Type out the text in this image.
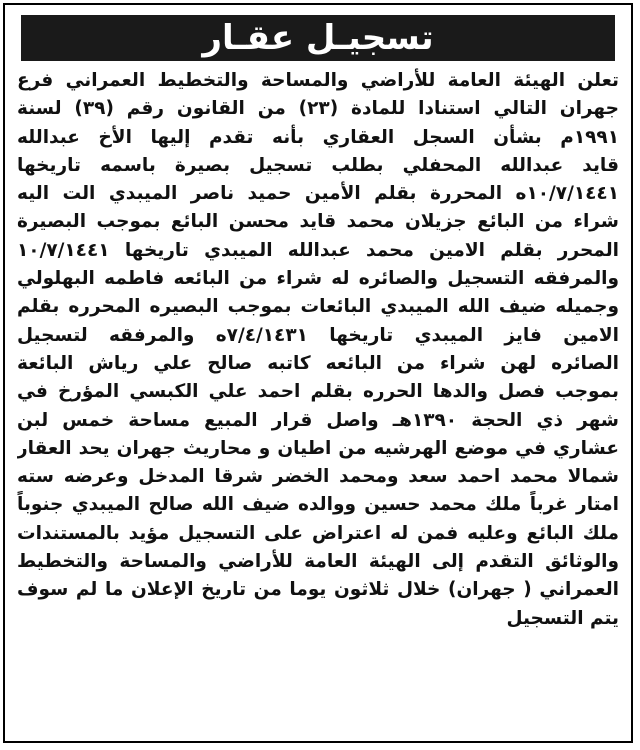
تسجيـل عقـار
تعلن الهيئة العامة للأراضي والمساحة والتخطيط العمراني فرع
جهران التالي استنادا للمادة (٢٣) من القانون رقم (٣٩) لسنة
١٩٩١م بشأن السجل العقاري بأنه تقدم إليها الأخ عبدالله
قايد عبدالله المحفلي بطلب تسجيل بصيرة باسمه تاريخها
١٠/٧/١٤٤١ه المحررة بقلم الأمين حميد ناصر الميبدي الت اليه
شراء من البائع جزيلان محمد قايد محسن البائع بموجب البصيرة
المحرر بقلم الامين محمد عبدالله الميبدي تاريخها ١٠/٧/١٤٤١
والمرفقه التسجيل والصائره له شراء من البائعه فاطمه البهلولي
وجميله ضيف الله الميبدي البائعات بموجب البصيره المحرره بقلم
الامين فايز الميبدي تاريخها ٧/٤/١٤٣١ه والمرفقه لتسجيل
الصائره لهن شراء من البائعه كاتبه صالح علي رياش البائعة
بموجب فصل والدها الحرره بقلم احمد علي الكبسي المؤرخ في
شهر ذي الحجة ١٣٩٠هـ واصل قرار المبيع مساحة خمس لبن
عشاري في موضع الهرشيه من اطيان و محاريث جهران يحد العقار
شمالا محمد احمد سعد ومحمد الخضر شرقا المدخل وعرضه سته
امتار غرباً ملك محمد حسين ووالده ضيف الله صالح الميبدي جنوباً
ملك البائع وعليه فمن له اعتراض على التسجيل مؤيد بالمستندات
والوثائق التقدم إلى الهيئة العامة للأراضي والمساحة والتخطيط
العمراني ( جهران) خلال ثلاثون يوما من تاريخ الإعلان ما لم سوف
يتم التسجيل
